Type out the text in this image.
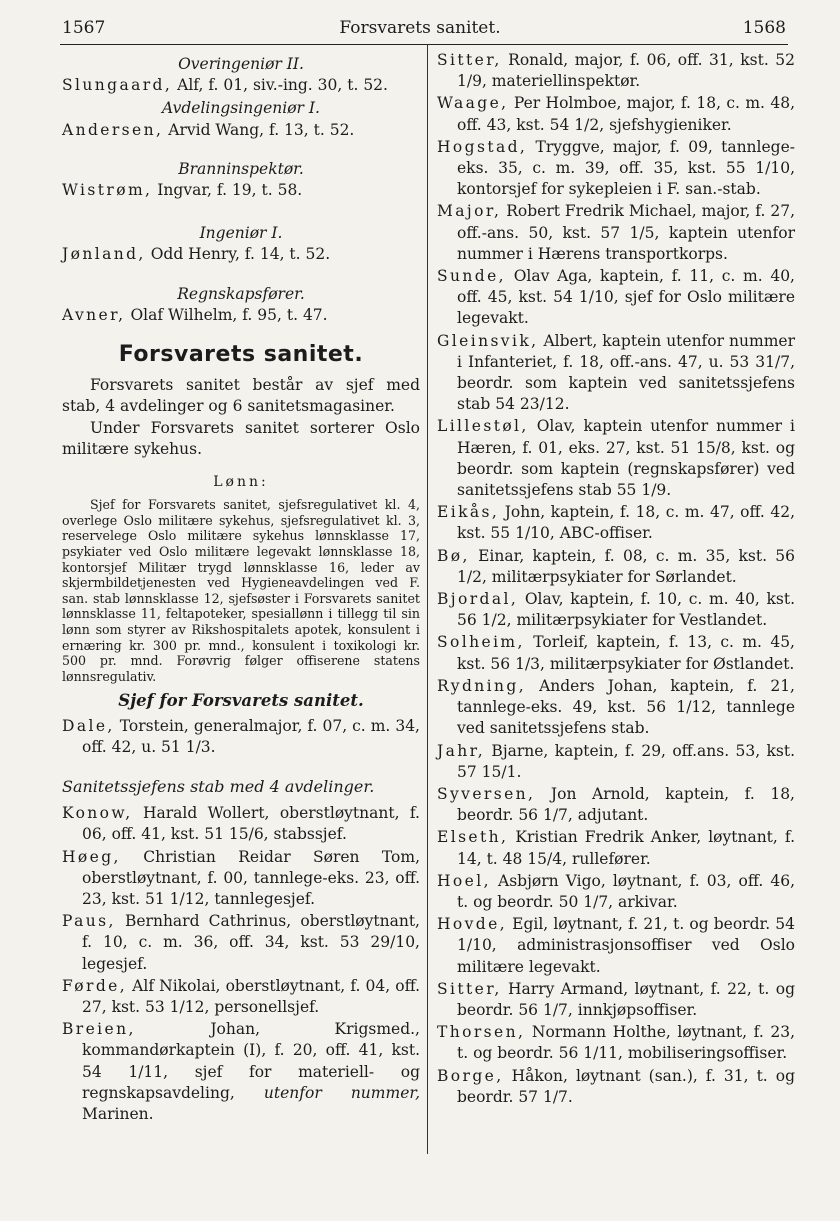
1567	Forsvarets sanitet.	1568
Overingeniør II.
Slungaard, Alf, f. 01, siv.-ing. 30, t. 52.
Avdelingsingeniør I.
Andersen, Arvid Wang, f. 13, t. 52.
Branninspektør.
Wistrøm, Ingvar, f. 19, t. 58.
Ingeniør I.
Jønland, Odd Henry, f. 14, t. 52.
Regnskapsfører.
Avner, Olaf Wilhelm, f. 95, t. 47.
Forsvarets sanitet.
Forsvarets sanitet består av sjef med stab, 4 avdelinger og 6 sanitetsmagasiner.
Under Forsvarets sanitet sorterer Oslo militære sykehus.
Lønn:
Sjef for Forsvarets sanitet, sjefsregulativet kl. 4, overlege Oslo militære sykehus, sjefsregulativet kl. 3, reservelege Oslo militære sykehus lønnsklasse 17, psykiater ved Oslo militære legevakt lønnsklasse 18, kontorsjef Militær trygd lønnsklasse 16, leder av skjermbildetjenesten ved Hygieneavdelingen ved F. san. stab lønnsklasse 12, sjefsøster i Forsvarets sanitet lønnsklasse 11, feltapoteker, spesiallønn i tillegg til sin lønn som styrer av Rikshospitalets apotek, konsulent i ernæring kr. 300 pr. mnd., konsulent i toxikologi kr. 500 pr. mnd. Forøvrig følger offiserene statens lønnsregulativ.
Sjef for Forsvarets sanitet.
Dale, Torstein, generalmajor, f. 07, c. m. 34, off. 42, u. 51 1/3.
Sanitetssjefens stab med 4 avdelinger.
Konow, Harald Wollert, oberstløytnant, f. 06, off. 41, kst. 51 15/6, stabssjef.
Høeg, Christian Reidar Søren Tom, oberstløytnant, f. 00, tannlege-eks. 23, off. 23, kst. 51 1/12, tannlegesjef.
Paus, Bernhard Cathrinus, oberstløytnant, f. 10, c. m. 36, off. 34, kst. 53 29/10, legesjef.
Førde, Alf Nikolai, oberstløytnant, f. 04, off. 27, kst. 53 1/12, personellsjef.
Breien, Johan, Krigsmed., kommandørkaptein (I), f. 20, off. 41, kst. 54 1/11, sjef for materiell- og regnskapsavdeling, utenfor nummer, Marinen.
Sitter, Ronald, major, f. 06, off. 31, kst. 52 1/9, materiellinspektør.
Waage, Per Holmboe, major, f. 18, c. m. 48, off. 43, kst. 54 1/2, sjefshygieniker.
Hogstad, Tryggve, major, f. 09, tannlege-eks. 35, c. m. 39, off. 35, kst. 55 1/10, kontorsjef for sykepleien i F. san.-stab.
Major, Robert Fredrik Michael, major, f. 27, off.-ans. 50, kst. 57 1/5, kaptein utenfor nummer i Hærens transportkorps.
Sunde, Olav Aga, kaptein, f. 11, c. m. 40, off. 45, kst. 54 1/10, sjef for Oslo militære legevakt.
Gleinsvik, Albert, kaptein utenfor nummer i Infanteriet, f. 18, off.-ans. 47, u. 53 31/7, beordr. som kaptein ved sanitetssjefens stab 54 23/12.
Lillestøl, Olav, kaptein utenfor nummer i Hæren, f. 01, eks. 27, kst. 51 15/8, kst. og beordr. som kaptein (regnskapsfører) ved sanitetssjefens stab 55 1/9.
Eikås, John, kaptein, f. 18, c. m. 47, off. 42, kst. 55 1/10, ABC-offiser.
Bø, Einar, kaptein, f. 08, c. m. 35, kst. 56 1/2, militærpsykiater for Sørlandet.
Bjordal, Olav, kaptein, f. 10, c. m. 40, kst. 56 1/2, militærpsykiater for Vestlandet.
Solheim, Torleif, kaptein, f. 13, c. m. 45, kst. 56 1/3, militærpsykiater for Østlandet.
Rydning, Anders Johan, kaptein, f. 21, tannlege-eks. 49, kst. 56 1/12, tannlege ved sanitetssjefens stab.
Jahr, Bjarne, kaptein, f. 29, off.ans. 53, kst. 57 15/1.
Syversen, Jon Arnold, kaptein, f. 18, beordr. 56 1/7, adjutant.
Elseth, Kristian Fredrik Anker, løytnant, f. 14, t. 48 15/4, rullefører.
Hoel, Asbjørn Vigo, løytnant, f. 03, off. 46, t. og beordr. 50 1/7, arkivar.
Hovde, Egil, løytnant, f. 21, t. og beordr. 54 1/10, administrasjonsoffiser ved Oslo militære legevakt.
Sitter, Harry Armand, løytnant, f. 22, t. og beordr. 56 1/7, innkjøpsoffiser.
Thorsen, Normann Holthe, løytnant, f. 23, t. og beordr. 56 1/11, mobiliseringsoffiser.
Borge, Håkon, løytnant (san.), f. 31, t. og beordr. 57 1/7.
